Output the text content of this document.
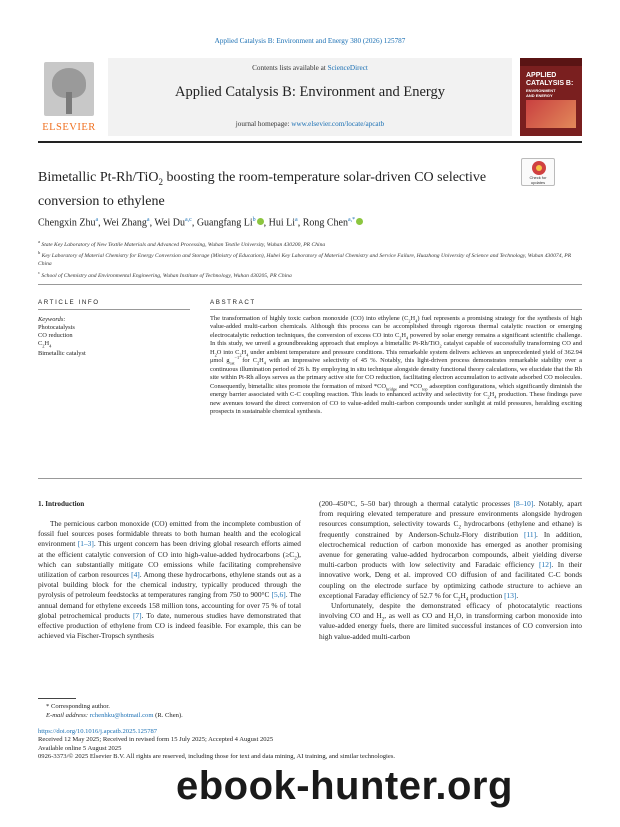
Applied Catalysis B: Environment and Energy 380 (2026) 125787
ELSEVIER
Contents lists available at ScienceDirect
Applied Catalysis B: Environment and Energy
journal homepage: www.elsevier.com/locate/apcatb
APPLIED
CATALYSIS B:
ENVIRONMENT
AND ENERGY
Bimetallic Pt-Rh/TiO$_2$ boosting the room-temperature solar-driven CO selective conversion to ethylene
Check for
updates
Chengxin Zhu$^a$, Wei Zhang$^a$, Wei Du$^{a,c}$, Guangfang Li$^b$ , Hui Li$^a$, Rong Chen$^{a,*}$
$^a$ State Key Laboratory of New Textile Materials and Advanced Processing, Wuhan Textile University, Wuhan 430200, PR China
$^b$ Key Laboratory of Material Chemistry for Energy Conversion and Storage (Ministry of Education), Hubei Key Laboratory of Material Chemistry and Service Failure, Huazhong University of Science and Technology, Wuhan 430074, PR China
$^c$ School of Chemistry and Environmental Engineering, Wuhan Institute of Technology, Wuhan 430205, PR China
ARTICLE INFO	ABSTRACT
Keywords:
Photocatalysis
CO reduction
$C_2H_4$
Bimetallic catalyst
The transformation of highly toxic carbon monoxide (CO) into ethylene $(C_2H_4)$ fuel represents a promising strategy for the synthesis of high value-added multi-carbon chemicals. Although this process can be accomplished through rigorous thermal catalytic reaction or emerging electrocatalytic reduction techniques, the conversion of excess CO into $C_2H_4$ powered by solar energy remains a significant scientific challenge. In this study, we unveil a groundbreaking approach that employs a bimetallic Pt-Rh/TiO$_2$ catalyst capable of successfully transforming CO and $H_2O$ into $C_2H_4$ under ambient temperature and pressure conditions. This remarkable system delivers achieves an unprecedented yield of 362.94 μmol $g_{cat}^{-1}$ for $C_2H_4$ with an impressive selectivity of 45 %. Notably, this light-driven process demonstrates remarkable stability over a continuous illumination period of 26 h. By employing in situ technique alongside density functional theory calculations, we elucidate that the Rh site within Pt-Rh alloys serves as the primary active site for CO reduction, facilitating electron accumulation to activate adsorbed CO molecules. Consequently, bimetallic sites promote the formation of mixed $*CO_{bridge}$ and $*CO_{top}$ adsorption configurations, which significantly diminish the energy barrier associated with C-C coupling reaction. This leads to enhanced activity and selectivity for $C_2H_4$ production. These findings pave new avenues toward the direct conversion of CO to value-added multi-carbon compounds under sunlight at mild pressures, heralding exciting prospects in sustainable chemical synthesis.
1. Introduction

The pernicious carbon monoxide (CO) emitted from the incomplete combustion of fossil fuel sources poses formidable threats to both human health and the ecological environment [1–3]. This urgent concern has been driving global research efforts aimed at the efficient catalytic conversion of CO into high-value-added hydrocarbons $(\ge C_2)$, which can substantially mitigate CO emissions while facilitating comprehensive utilization of carbon resources [4]. Among these hydrocarbons, ethylene stands out as a pivotal building block for the chemical industry, typically produced through the pyrolysis of petroleum feedstocks at temperatures ranging from 750 to 900°C [5,6]. The annual demand for ethylene exceeds 158 million tons, accounting for over 75 % of total global petrochemical products [7]. To date, numerous studies have demonstrated that effective production of ethylene from CO is indeed feasible. For example, this can be achieved via Fischer-Tropsch synthesis

(200–450°C, 5–50 bar) through a thermal catalytic processes [8–10]. Notably, apart from requiring elevated temperature and pressure environments alongside hydrogen resources consumption, selectivity towards $C_2$ hydrocarbons (ethylene and ethane) is frequently constrained by Anderson-Schulz-Flory distribution [11]. In addition, electrochemical reduction of carbon monoxide has emerged as another promising avenue for generating value-added hydrocarbon compounds, albeit yielding diverse multi-carbon products with low selectivity and Faradaic efficiency [12]. In their innovative work, Deng et al. improved CO diffusion of and facilitated C-C bonds coupling on the electrode surface by optimizing cathode structure to achieve an exceptional Faraday efficiency of 52.7 % for $C_2H_4$ production [13].

Unfortunately, despite the demonstrated efficacy of photocatalytic reactions involving CO and $H_2$, as well as CO and $H_2O$, in transforming carbon monoxide into value-added energy fuels, there are limited successful instances of CO conversion into high value-added multi-carbon

* Corresponding author.
E-mail address: rchenhku@hotmail.com (R. Chen).
https://doi.org/10.1016/j.apcatb.2025.125787
Received 12 May 2025; Received in revised form 15 July 2025; Accepted 4 August 2025
Available online 5 August 2025
0926-3373/© 2025 Elsevier B.V. All rights are reserved, including those for text and data mining, AI training, and similar technologies.
ebook-hunter.org
